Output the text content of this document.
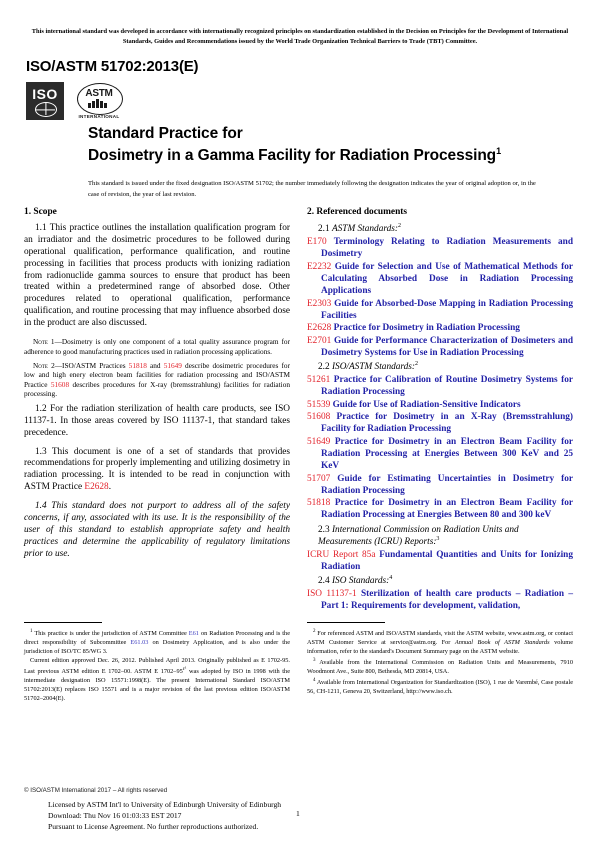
This international standard was developed in accordance with internationally recognized principles on standardization established in the Decision on Principles for the Development of International Standards, Guides and Recommendations issued by the World Trade Organization Technical Barriers to Trade (TBT) Committee.
ISO/ASTM 51702:2013(E)
ISO	ASTM
INTERNATIONAL
Standard Practice for
Dosimetry in a Gamma Facility for Radiation Processing$^1$
This standard is issued under the fixed designation ISO/ASTM 51702; the number immediately following the designation indicates the year of original adoption or, in the case of revision, the year of last revision.
1. Scope
1.1 This practice outlines the installation qualification program for an irradiator and the dosimetric procedures to be followed during operational qualification, performance qualification, and routine processing in facilities that process products with ionizing radiation from radionuclide gamma sources to ensure that product has been treated within a predetermined range of absorbed dose. Other procedures related to operational qualification, performance qualification, and routine processing that may influence absorbed dose in the product are also discussed.
Note 1—Dosimetry is only one component of a total quality assurance program for adherence to good manufacturing practices used in radiation processing applications.
Note 2—ISO/ASTM Practices 51818 and 51649 describe dosimetric procedures for low and high enery electron beam facilities for radiation processing and ISO/ASTM Practice 51608 describes procedures for X-ray (bremsstrahlung) facilities for radiation processing.
1.2 For the radiation sterilization of health care products, see ISO 11137-1. In those areas covered by ISO 11137-1, that standard takes precedence.
1.3 This document is one of a set of standards that provides recommendations for properly implementing and utilizing dosimetry in radiation processing. It is intended to be read in conjunction with ASTM Practice E2628.
1.4 This standard does not purport to address all of the safety concerns, if any, associated with its use. It is the responsibility of the user of this standard to establish appropriate safety and health practices and determine the applicability of regulatory limitations prior to use.
2. Referenced documents
2.1 ASTM Standards:$^2$
E170 Terminology Relating to Radiation Measurements and Dosimetry
E2232 Guide for Selection and Use of Mathematical Methods for Calculating Absorbed Dose in Radiation Processing Applications
E2303 Guide for Absorbed-Dose Mapping in Radiation Processing Facilities
E2628 Practice for Dosimetry in Radiation Processing
E2701 Guide for Performance Characterization of Dosimeters and Dosimetry Systems for Use in Radiation Processing
2.2 ISO/ASTM Standards:$^2$
51261 Practice for Calibration of Routine Dosimetry Systems for Radiation Processing
51539 Guide for Use of Radiation-Sensitive Indicators
51608 Practice for Dosimetry in an X-Ray (Bremsstrahlung) Facility for Radiation Processing
51649 Practice for Dosimetry in an Electron Beam Facility for Radiation Processing at Energies Between 300 KeV and 25 KeV
51707 Guide for Estimating Uncertainties in Dosimetry for Radiation Processing
51818 Practice for Dosimetry in an Electron Beam Facility for Radiation Processing at Energies Between 80 and 300 keV
2.3 International Commission on Radiation Units and Measurements (ICRU) Reports:$^3$
ICRU Report 85a Fundamental Quantities and Units for Ionizing Radiation
2.4 ISO Standards:$^4$
ISO 11137-1 Sterilization of health care products – Radiation – Part 1: Requirements for development, validation,
$^1$ This practice is under the jurisdiction of ASTM Committee E61 on Radiation Processing and is the direct responsibility of Subcommittee E61.03 on Dosimetry Application, and is also under the jurisdiction of ISO/TC 85/WG 3.
Current edition approved Dec. 26, 2012. Published April 2013. Originally published as E 1702-95. Last previous ASTM edition E 1702–00. ASTM E $1702-95^{\varepsilon^1}$ was adopted by ISO in 1998 with the intermediate designation ISO 15571:1998(E). The present International Standard ISO/ASTM 51702:2013(E) replaces ISO 15571 and is a major revision of the last previous edition ISO/ASTM 51702–2004(E).
$^2$ For referenced ASTM and ISO/ASTM standards, visit the ASTM website, www.astm.org, or contact ASTM Customer Service at service@astm.org. For Annual Book of ASTM Standards volume information, refer to the standard's Document Summary page on the ASTM website.
$^3$ Available from the International Commission on Radiation Units and Measurements, 7910 Woodmont Ave., Suite 800, Bethesda, MD 20814, USA.
$^4$ Available from International Organization for Standardization (ISO), 1 rue de Varembé, Case postale 56, CH-1211, Geneva 20, Switzerland, http://www.iso.ch.
© ISO/ASTM International 2017 – All rights reserved
Licensed by ASTM Int'l to University of Edinburgh University of Edinburgh
Download: Thu Nov 16 01:03:33 EST 2017
Pursuant to License Agreement. No further reproductions authorized.
1
